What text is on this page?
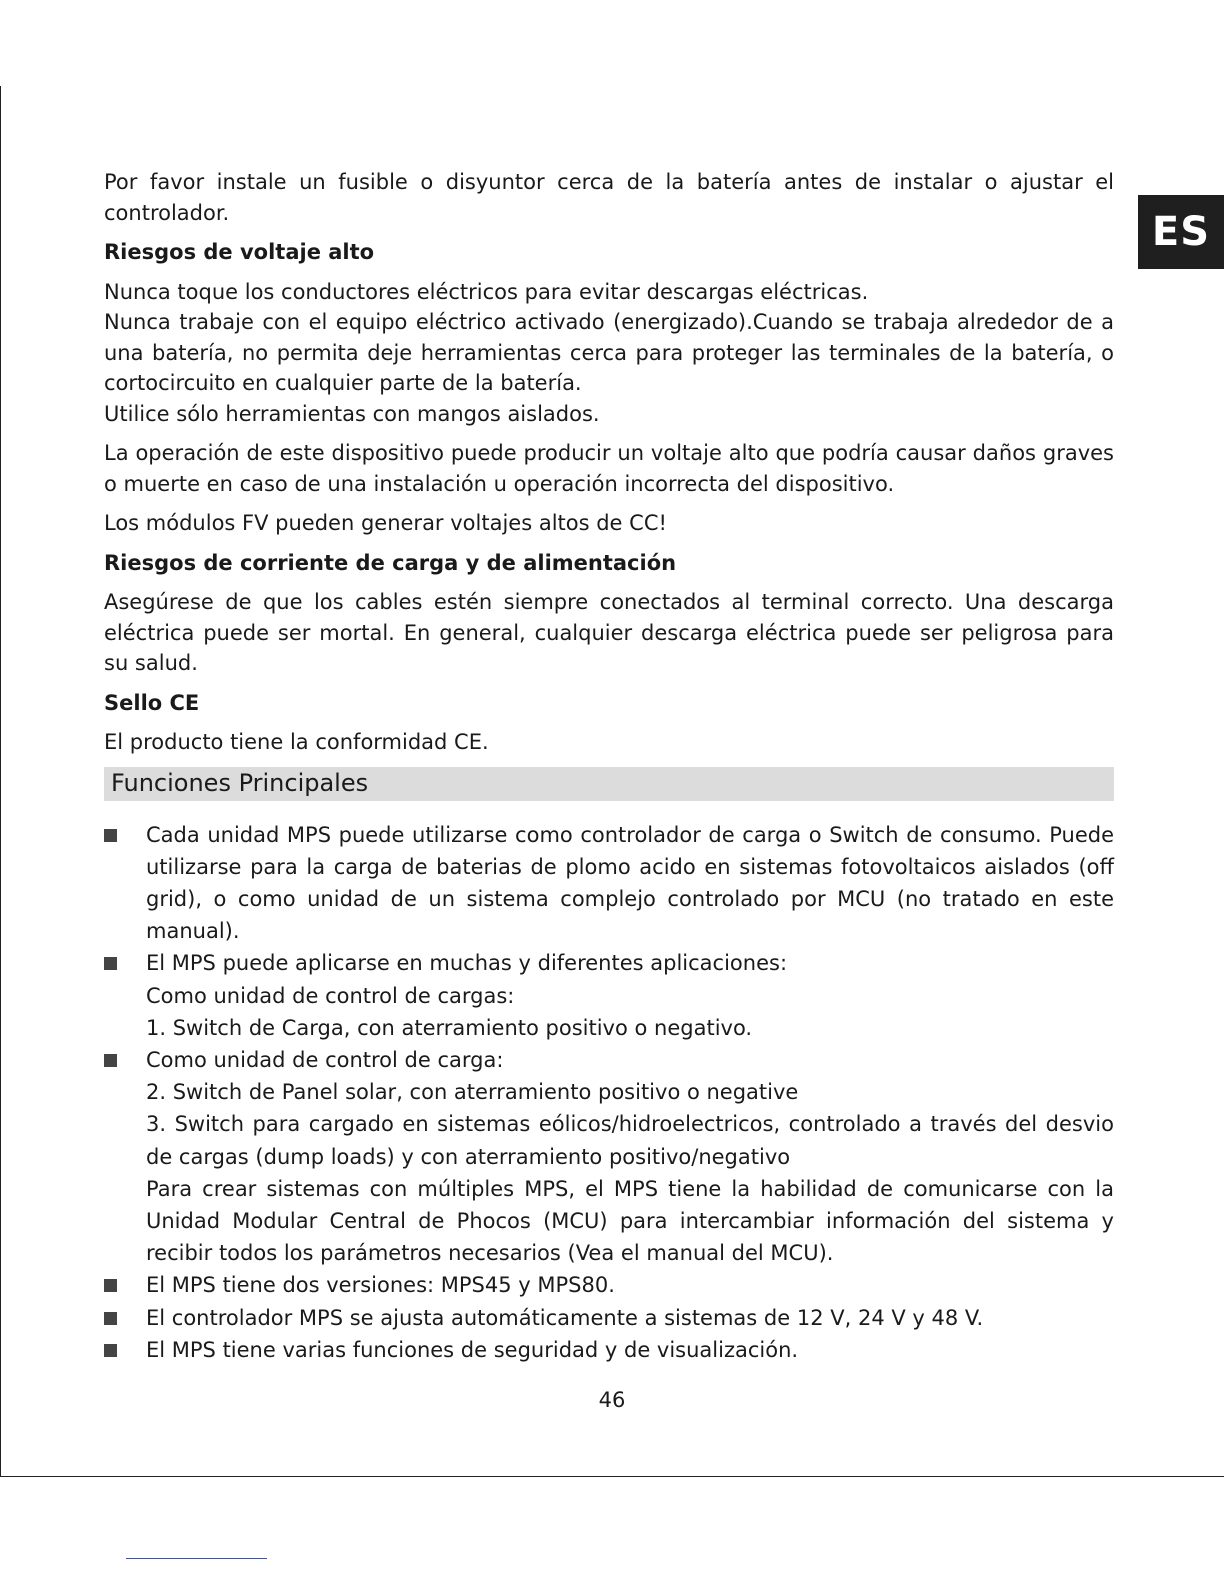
ES

Por favor instale un fusible o disyuntor cerca de la batería antes de instalar o ajustar el controlador.

Riesgos de voltaje alto

Nunca toque los conductores eléctricos para evitar descargas eléctricas.

Nunca trabaje con el equipo eléctrico activado (energizado).Cuando se trabaja alrededor de a una batería, no permita deje herramientas cerca para proteger las terminales de la batería, o cortocircuito en cualquier parte de la batería.

Utilice sólo herramientas con mangos aislados.

La operación de este dispositivo puede producir un voltaje alto que podría causar daños graves o muerte en caso de una instalación u operación incorrecta del dispositivo.

Los módulos FV pueden generar voltajes altos de CC!

Riesgos de corriente de carga y de alimentación

Asegúrese de que los cables estén siempre conectados al terminal correcto. Una descarga eléctrica puede ser mortal. En general, cualquier descarga eléctrica puede ser peligrosa para su salud.

Sello CE

El producto tiene la conformidad CE.

Funciones Principales
Cada unidad MPS puede utilizarse como controlador de carga o Switch de consumo. Puede utilizarse para la carga de baterias de plomo acido en sistemas fotovoltaicos aislados (off grid), o como unidad de un sistema complejo controlado por MCU (no tratado en este manual).
El MPS puede aplicarse en muchas y diferentes aplicaciones:
Como unidad de control de cargas:
1. Switch de Carga, con aterramiento positivo o negativo.
Como unidad de control de carga:
2. Switch de Panel solar, con aterramiento positivo o negative
3. Switch para cargado en sistemas eólicos/hidroelectricos, controlado a través del desvio de cargas (dump loads) y con aterramiento positivo/negativo
Para crear sistemas con múltiples MPS, el MPS tiene la habilidad de comunicarse con la Unidad Modular Central de Phocos (MCU) para intercambiar información del sistema y recibir todos los parámetros necesarios (Vea el manual del MCU).
El MPS tiene dos versiones: MPS45 y MPS80.
El controlador MPS se ajusta automáticamente a sistemas de 12 V, 24 V y 48 V.
El MPS tiene varias funciones de seguridad y de visualización.
46
